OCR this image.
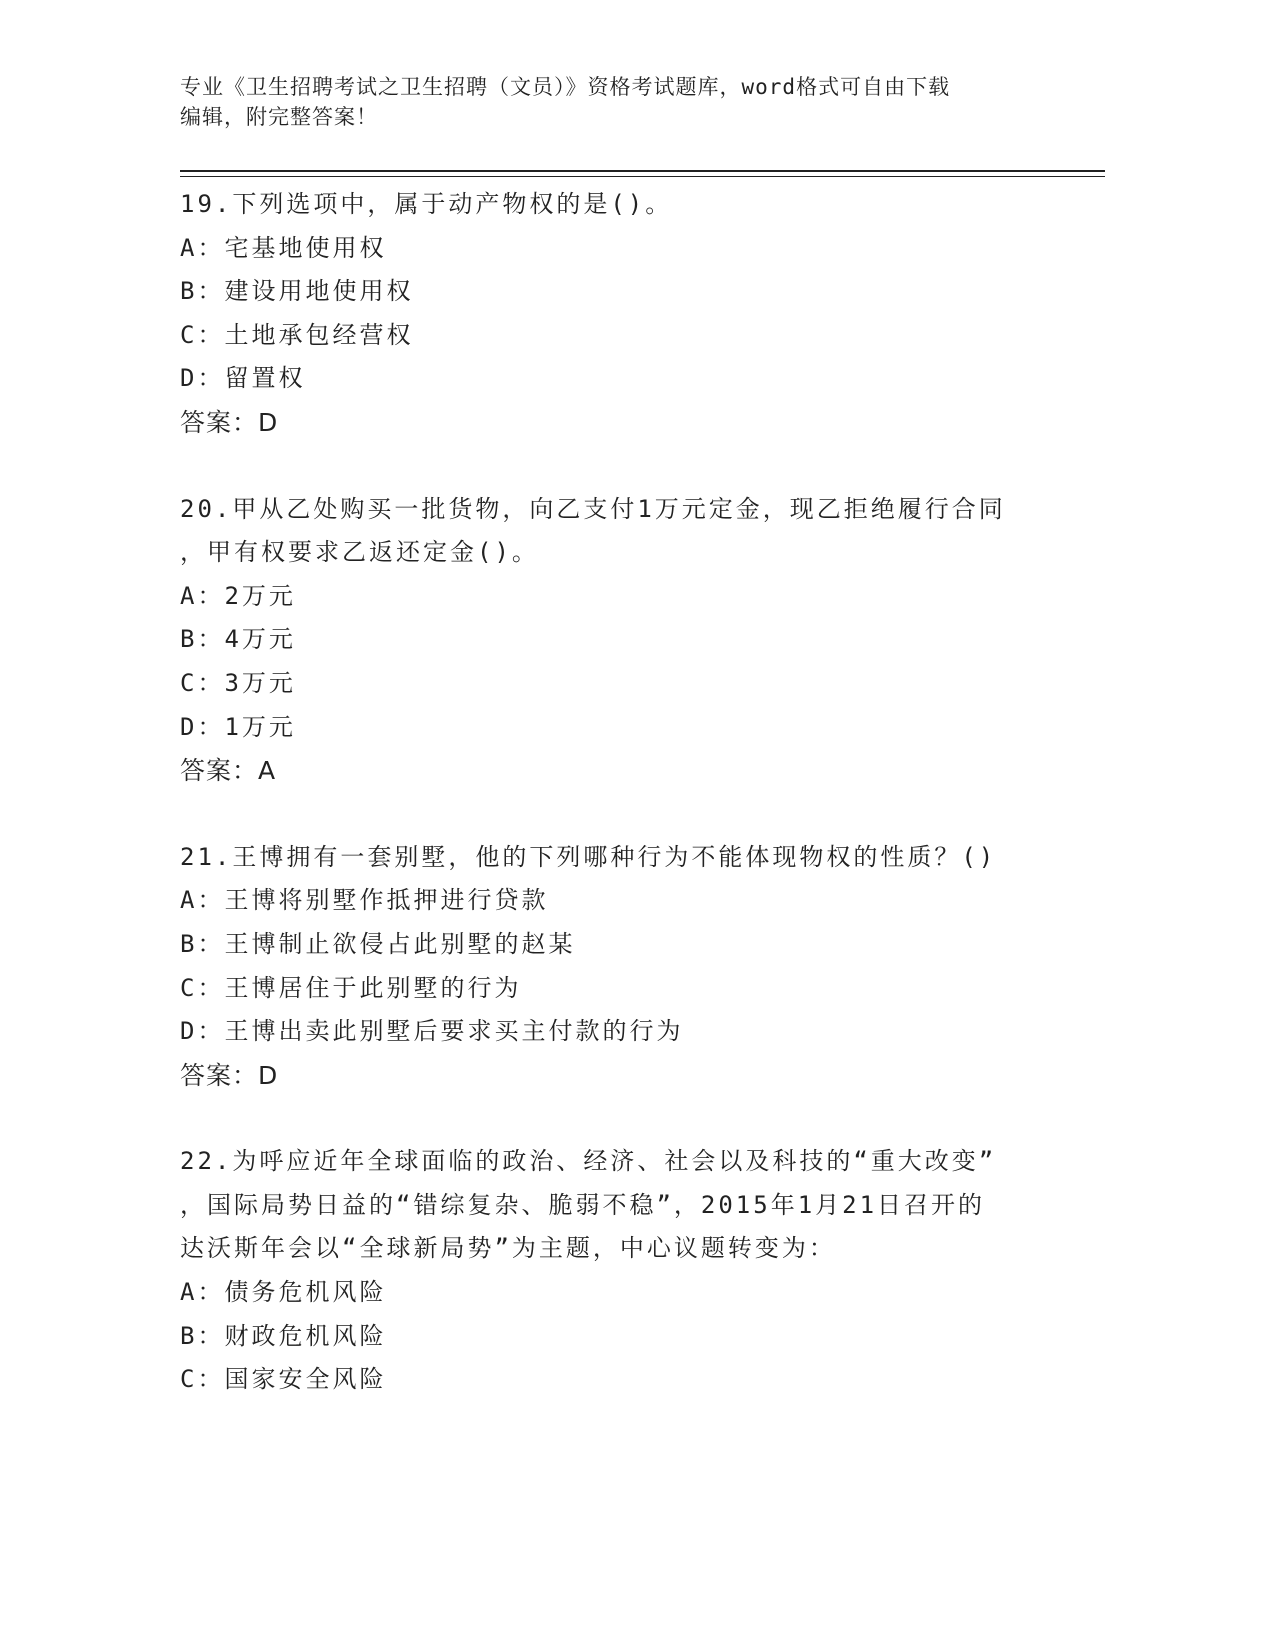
专业《卫生招聘考试之卫生招聘（文员）》资格考试题库，word格式可自由下载
编辑，附完整答案！
19.下列选项中，属于动产物权的是()。
A：宅基地使用权
B：建设用地使用权
C：土地承包经营权
D：留置权
答案：D
20.甲从乙处购买一批货物，向乙支付1万元定金，现乙拒绝履行合同
，甲有权要求乙返还定金()。
A：2万元
B：4万元
C：3万元
D：1万元
答案：A
21.王博拥有一套别墅，他的下列哪种行为不能体现物权的性质？()
A：王博将别墅作抵押进行贷款
B：王博制止欲侵占此别墅的赵某
C：王博居住于此别墅的行为
D：王博出卖此别墅后要求买主付款的行为
答案：D
22.为呼应近年全球面临的政治、经济、社会以及科技的“重大改变”
，国际局势日益的“错综复杂、脆弱不稳”，2015年1月21日召开的
达沃斯年会以“全球新局势”为主题，中心议题转变为：
A：债务危机风险
B：财政危机风险
C：国家安全风险
